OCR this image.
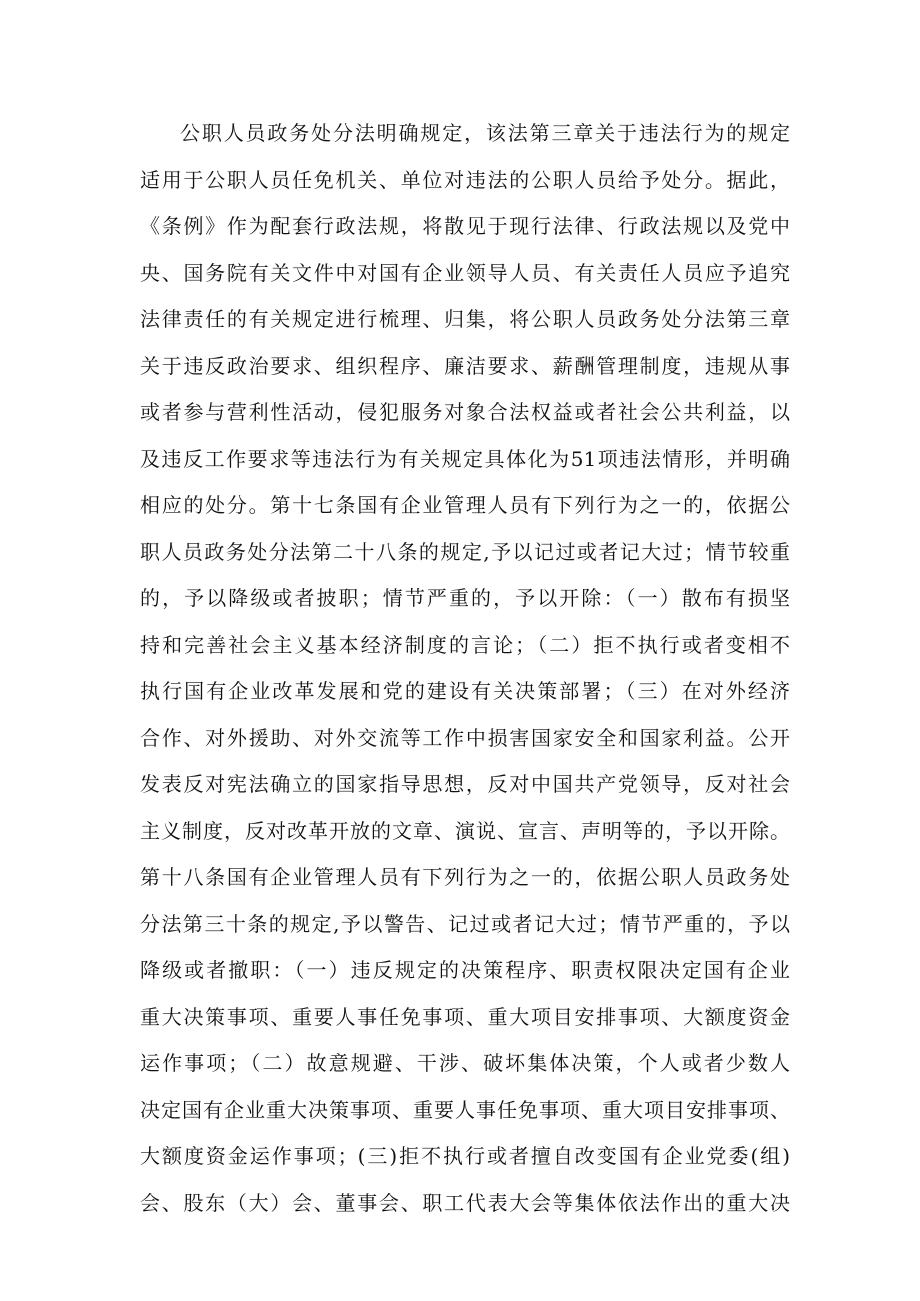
公职人员政务处分法明确规定，该法第三章关于违法行为的规定
适用于公职人员任免机关、单位对违法的公职人员给予处分。据此，
《条例》作为配套行政法规，将散见于现行法律、行政法规以及党中
央、国务院有关文件中对国有企业领导人员、有关责任人员应予追究
法律责任的有关规定进行梳理、归集，将公职人员政务处分法第三章
关于违反政治要求、组织程序、廉洁要求、薪酬管理制度，违规从事
或者参与营利性活动，侵犯服务对象合法权益或者社会公共利益，以
及违反工作要求等违法行为有关规定具体化为51项违法情形，并明确
相应的处分。第十七条国有企业管理人员有下列行为之一的，依据公
职人员政务处分法第二十八条的规定,予以记过或者记大过；情节较重
的，予以降级或者披职；情节严重的，予以开除：（一）散布有损坚
持和完善社会主义基本经济制度的言论；（二）拒不执行或者变相不
执行国有企业改革发展和党的建设有关决策部署；（三）在对外经济
合作、对外援助、对外交流等工作中损害国家安全和国家利益。公开
发表反对宪法确立的国家指导思想，反对中国共产党领导，反对社会
主义制度，反对改革开放的文章、演说、宣言、声明等的，予以开除。
第十八条国有企业管理人员有下列行为之一的，依据公职人员政务处
分法第三十条的规定,予以警告、记过或者记大过；情节严重的，予以
降级或者撤职：（一）违反规定的决策程序、职责权限决定国有企业
重大决策事项、重要人事任免事项、重大项目安排事项、大额度资金
运作事项；（二）故意规避、干涉、破坏集体决策，个人或者少数人
决定国有企业重大决策事项、重要人事任免事项、重大项目安排事项、
大额度资金运作事项；(三)拒不执行或者擅自改变国有企业党委(组)
会、股东（大）会、董事会、职工代表大会等集体依法作出的重大决
